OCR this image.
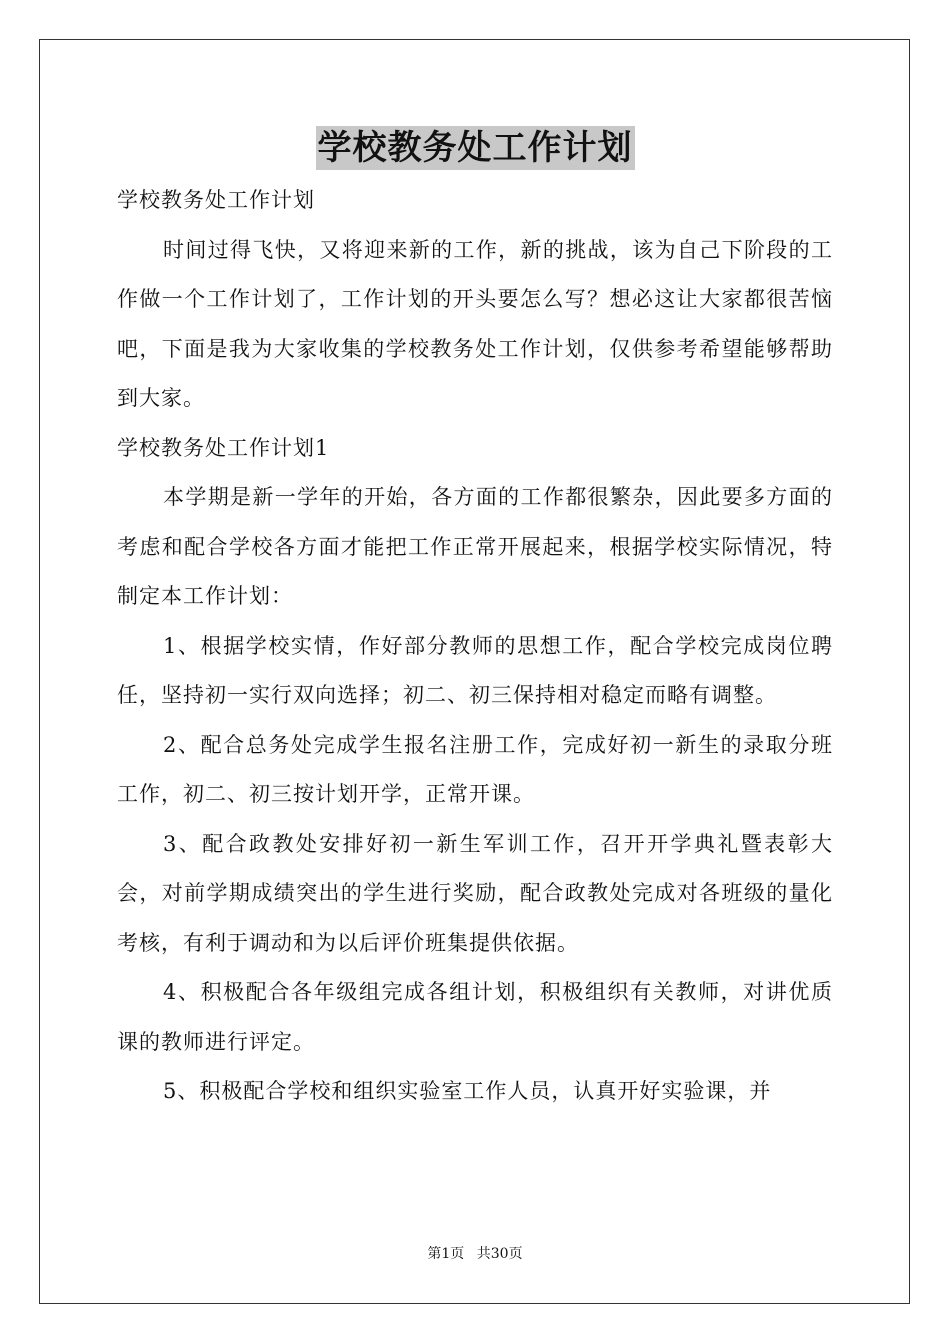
学校教务处工作计划

学校教务处工作计划

时间过得飞快，又将迎来新的工作，新的挑战，该为自己下阶段的工作做一个工作计划了，工作计划的开头要怎么写？想必这让大家都很苦恼吧，下面是我为大家收集的学校教务处工作计划，仅供参考希望能够帮助到大家。

学校教务处工作计划1

本学期是新一学年的开始，各方面的工作都很繁杂，因此要多方面的考虑和配合学校各方面才能把工作正常开展起来，根据学校实际情况，特制定本工作计划：

1、根据学校实情，作好部分教师的思想工作，配合学校完成岗位聘任，坚持初一实行双向选择；初二、初三保持相对稳定而略有调整。

2、配合总务处完成学生报名注册工作，完成好初一新生的录取分班工作，初二、初三按计划开学，正常开课。

3、配合政教处安排好初一新生军训工作，召开开学典礼暨表彰大会，对前学期成绩突出的学生进行奖励，配合政教处完成对各班级的量化考核，有利于调动和为以后评价班集提供依据。

4、积极配合各年级组完成各组计划，积极组织有关教师，对讲优质课的教师进行评定。

5、积极配合学校和组织实验室工作人员，认真开好实验课，并

第1页 共30页
